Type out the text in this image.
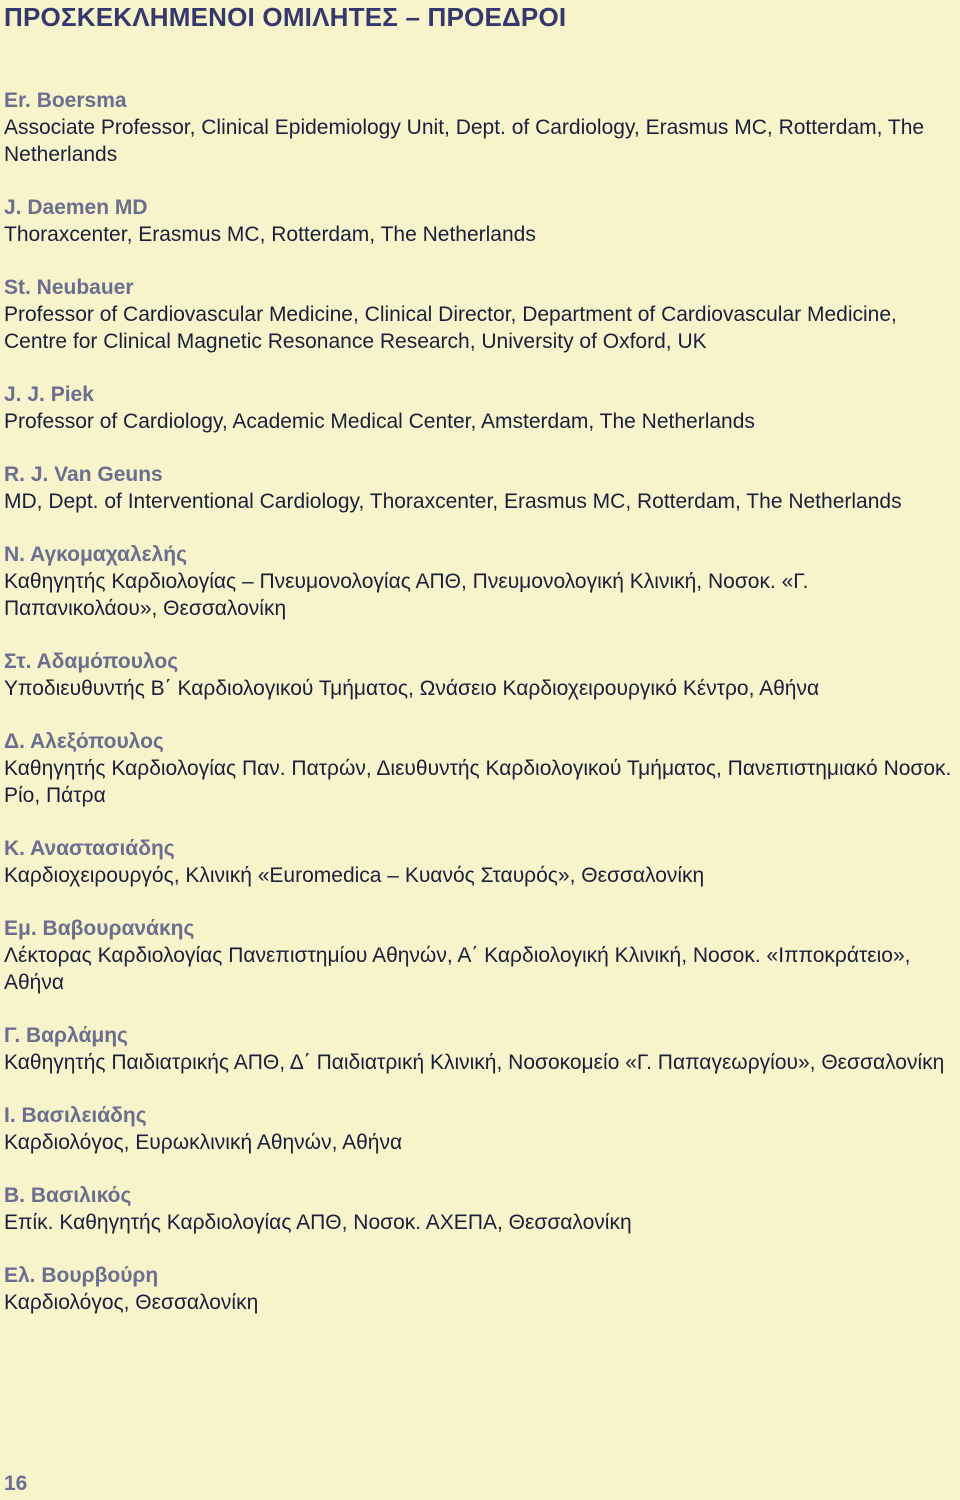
ΠΡΟΣΚΕΚΛΗΜΕΝΟΙ ΟΜΙΛΗΤΕΣ – ΠΡΟΕΔΡΟΙ
Er. Boersma
Associate Professor, Clinical Epidemiology Unit, Dept. of Cardiology, Erasmus MC, Rotterdam, The Netherlands
J. Daemen MD
Thoraxcenter, Erasmus MC, Rotterdam, The Netherlands
St. Neubauer
Professor of Cardiovascular Medicine, Clinical Director, Department of Cardiovascular Medicine, Centre for Clinical Magnetic Resonance Research, University of Oxford, UK
J. J. Piek
Professor of Cardiology, Academic Medical Center, Amsterdam, The Netherlands
R. J. Van Geuns
MD, Dept. of Interventional Cardiology, Thoraxcenter, Erasmus MC, Rotterdam, The Netherlands
Ν. Αγκομαχαλελής
Καθηγητής Καρδιολογίας – Πνευμονολογίας ΑΠΘ, Πνευμονολογική Κλινική, Νοσοκ. «Γ. Παπανικολάου», Θεσσαλονίκη
Στ. Αδαμόπουλος
Υποδιευθυντής Β΄ Καρδιολογικού Τμήματος, Ωνάσειο Καρδιοχειρουργικό Κέντρο, Αθήνα
Δ. Αλεξόπουλος
Καθηγητής Καρδιολογίας Παν. Πατρών, Διευθυντής Καρδιολογικού Τμήματος, Πανεπιστημιακό Νοσοκ. Ρίο, Πάτρα
Κ. Αναστασιάδης
Καρδιοχειρουργός, Κλινική «Euromedica – Κυανός Σταυρός», Θεσσαλονίκη
Εμ. Βαβουρανάκης
Λέκτορας Καρδιολογίας Πανεπιστημίου Αθηνών, Α΄ Καρδιολογική Κλινική, Νοσοκ. «Ιπποκράτειο», Αθήνα
Γ. Βαρλάμης
Καθηγητής Παιδιατρικής ΑΠΘ, Δ΄ Παιδιατρική Κλινική, Νοσοκομείο «Γ. Παπαγεωργίου», Θεσσαλονίκη
Ι. Βασιλειάδης
Καρδιολόγος, Ευρωκλινική Αθηνών, Αθήνα
Β. Βασιλικός
Επίκ. Καθηγητής Καρδιολογίας ΑΠΘ, Νοσοκ. ΑΧΕΠΑ, Θεσσαλονίκη
Ελ. Βουρβούρη
Καρδιολόγος, Θεσσαλονίκη
16
